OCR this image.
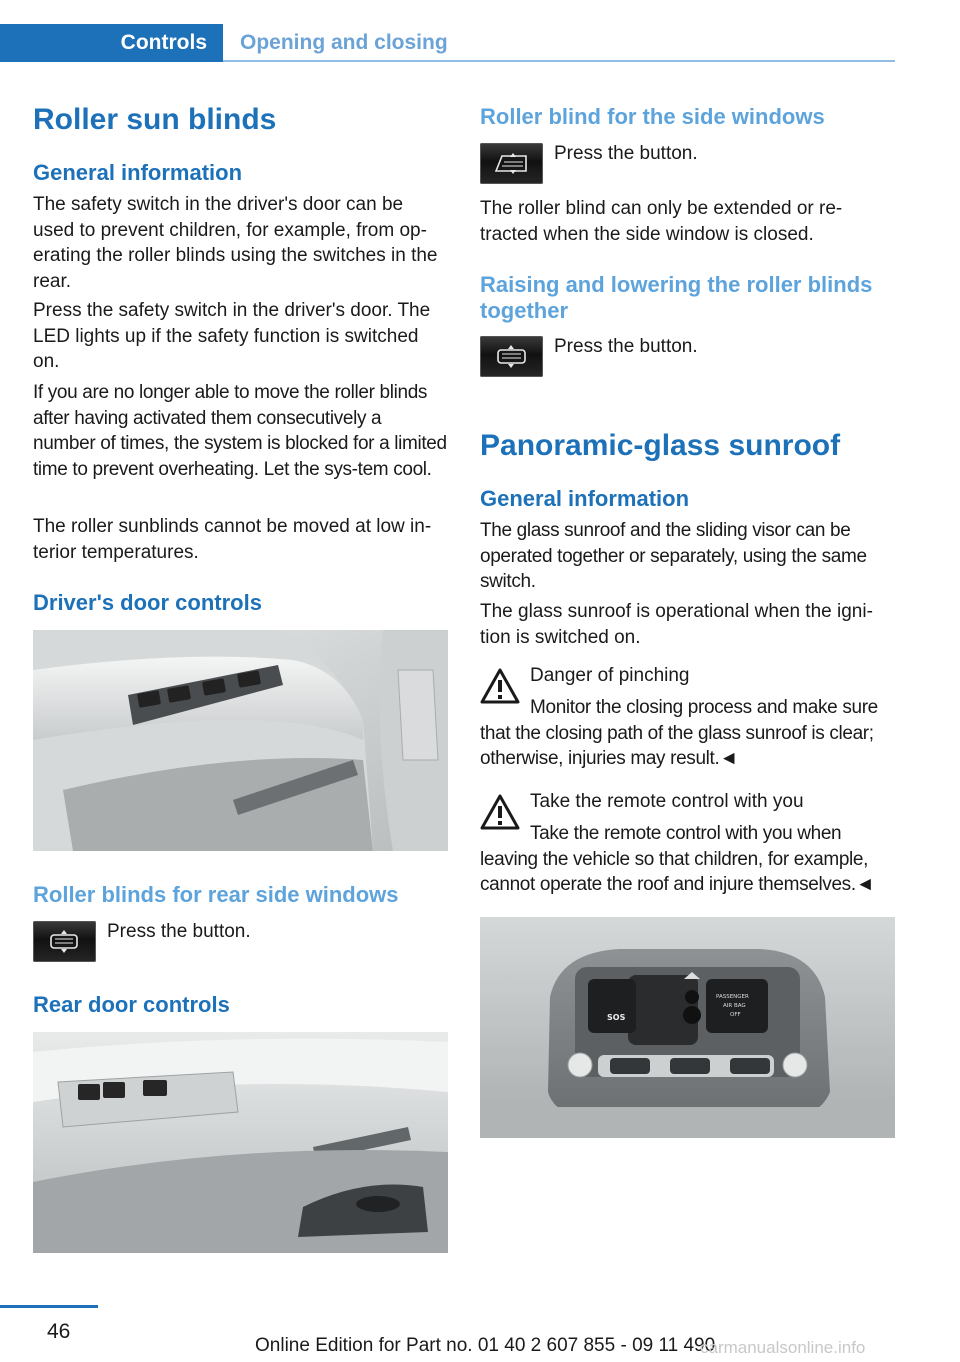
Controls	Opening and closing
Roller sun blinds
General information
The safety switch in the driver's door can be used to prevent children, for example, from op-erating the roller blinds using the switches in the rear.
Press the safety switch in the driver's door. The LED lights up if the safety function is switched on.
If you are no longer able to move the roller blinds after having activated them consecutively a number of times, the system is blocked for a limited time to prevent overheating. Let the sys-tem cool.
The roller sunblinds cannot be moved at low in-terior temperatures.
Driver's door controls
Roller blinds for rear side windows
Press the button.
Rear door controls
Roller blind for the side windows
Press the button.
The roller blind can only be extended or re-tracted when the side window is closed.
Raising and lowering the roller blinds together
Press the button.
Panoramic-glass sunroof
General information
The glass sunroof and the sliding visor can be operated together or separately, using the same switch.
The glass sunroof is operational when the igni-tion is switched on.
Danger of pinching
Monitor the closing process and make sure that the closing path of the glass sunroof is clear; otherwise, injuries may result.◄
Take the remote control with you
Take the remote control with you when leaving the vehicle so that children, for example, cannot operate the roof and injure themselves.◄
SOS
PASSENGER
AIR BAG
OFF
46
Online Edition for Part no. 01 40 2 607 855 - 09 11 490
carmanualsonline.info
